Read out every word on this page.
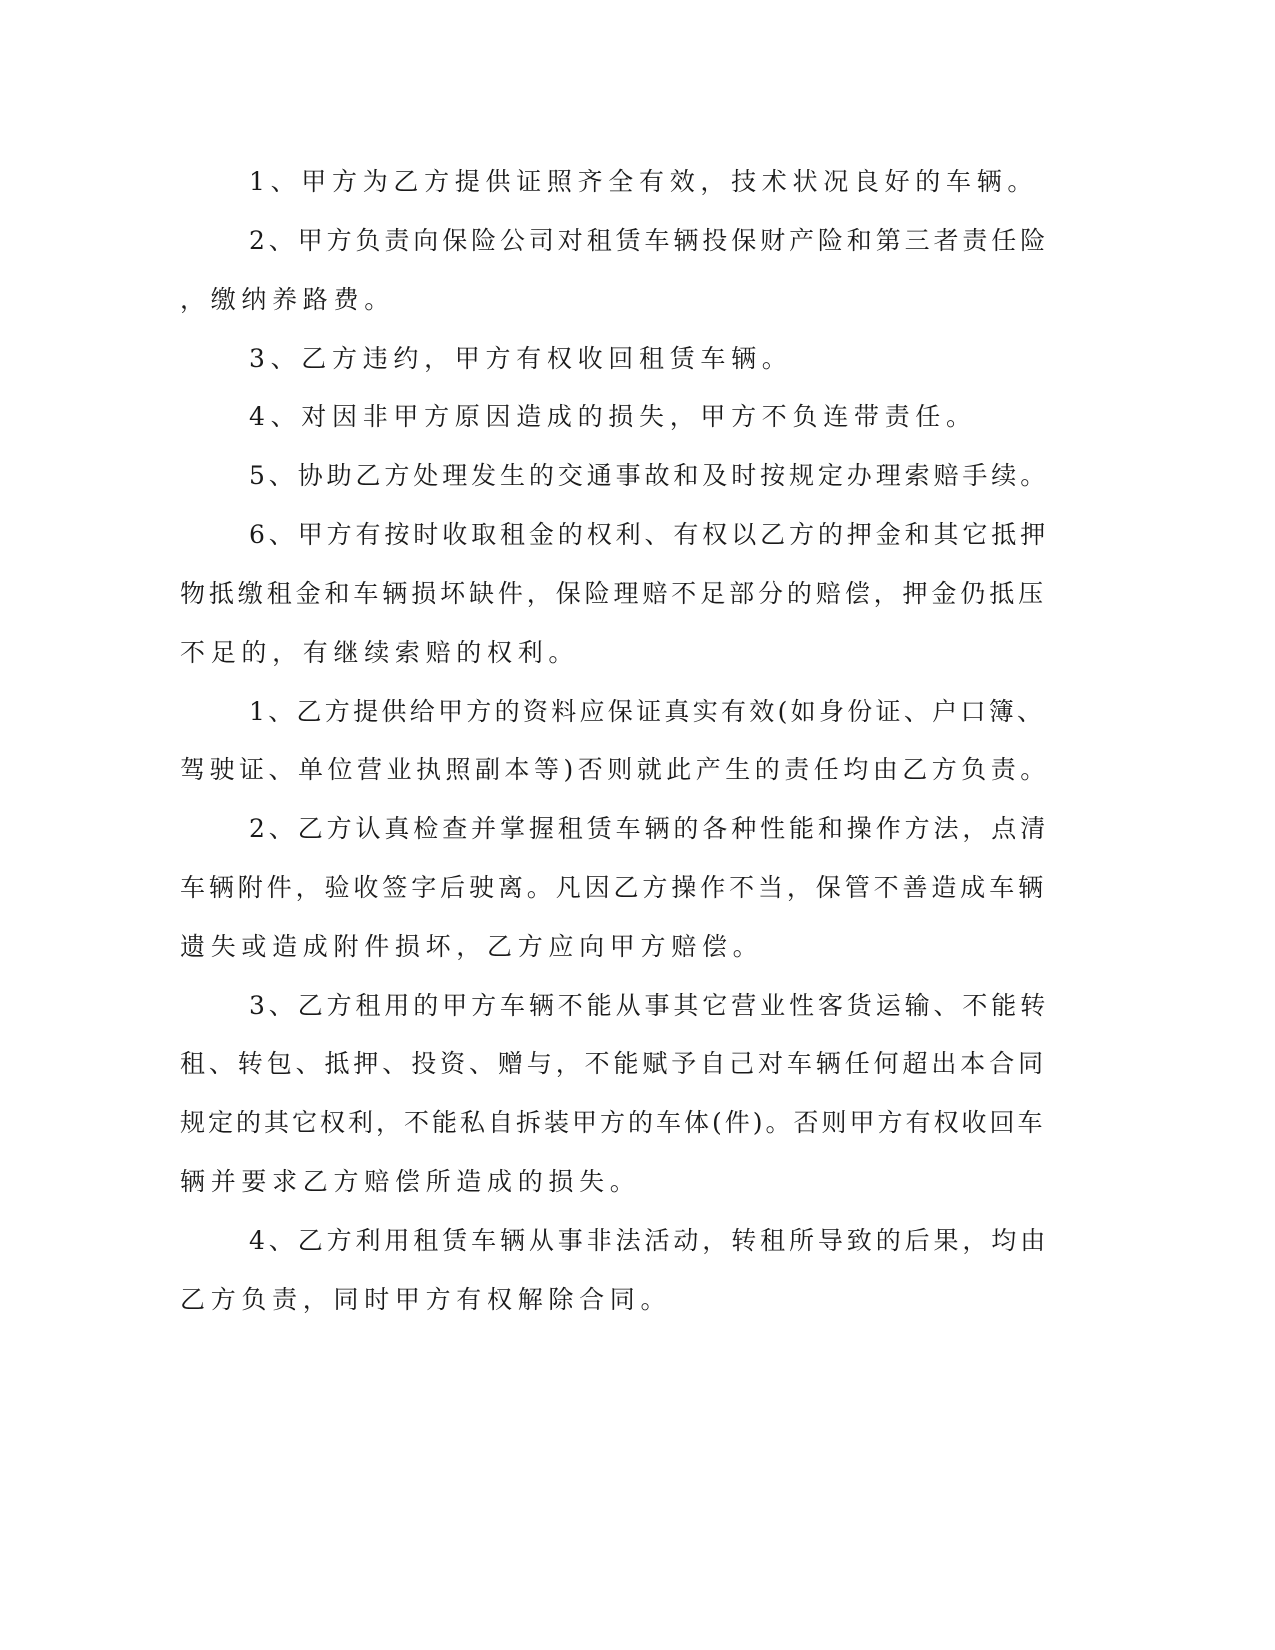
1、甲方为乙方提供证照齐全有效，技术状况良好的车辆。
2、甲方负责向保险公司对租赁车辆投保财产险和第三者责任险
，缴纳养路费。
3、乙方违约，甲方有权收回租赁车辆。
4、对因非甲方原因造成的损失，甲方不负连带责任。
5、协助乙方处理发生的交通事故和及时按规定办理索赔手续。
6、甲方有按时收取租金的权利、有权以乙方的押金和其它抵押
物抵缴租金和车辆损坏缺件，保险理赔不足部分的赔偿，押金仍抵压
不足的，有继续索赔的权利。
1、乙方提供给甲方的资料应保证真实有效(如身份证、户口簿、
驾驶证、单位营业执照副本等)否则就此产生的责任均由乙方负责。
2、乙方认真检查并掌握租赁车辆的各种性能和操作方法，点清
车辆附件，验收签字后驶离。凡因乙方操作不当，保管不善造成车辆
遗失或造成附件损坏，乙方应向甲方赔偿。
3、乙方租用的甲方车辆不能从事其它营业性客货运输、不能转
租、转包、抵押、投资、赠与，不能赋予自己对车辆任何超出本合同
规定的其它权利，不能私自拆装甲方的车体(件)。否则甲方有权收回车
辆并要求乙方赔偿所造成的损失。
4、乙方利用租赁车辆从事非法活动，转租所导致的后果，均由
乙方负责，同时甲方有权解除合同。
